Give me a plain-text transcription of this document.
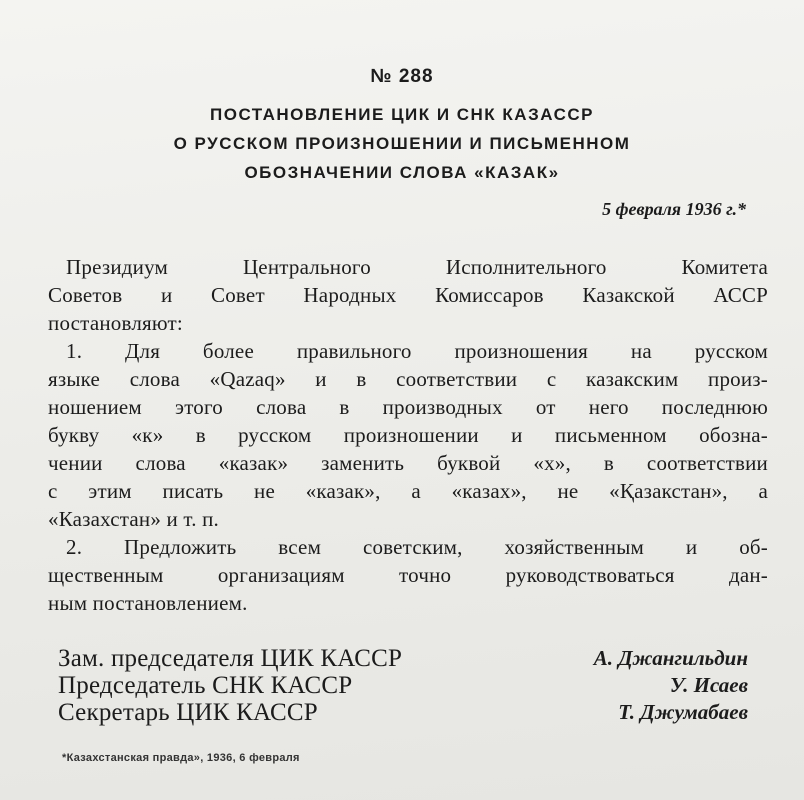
№ 288
ПОСТАНОВЛЕНИЕ ЦИК И СНК КАЗАССР
О РУССКОМ ПРОИЗНОШЕНИИ И ПИСЬМЕННОМ
ОБОЗНАЧЕНИИ СЛОВА «КАЗАК»
5 февраля 1936 г.*
Президиум Центрального Исполнительного Комитета
Советов и Совет Народных Комиссаров Казакской АССР
постановляют:
1. Для более правильного произношения на русском
языке слова «Qazaq» и в соответствии с казакским произ-
ношением этого слова в производных от него последнюю
букву «к» в русском произношении и письменном обозна-
чении слова «казак» заменить буквой «х», в соответствии
с этим писать не «казак», а «казах», не «Қазакстан», а
«Казахстан» и т. п.
2. Предложить всем советским, хозяйственным и об-
щественным организациям точно руководствоваться дан-
ным постановлением.
Зам. председателя ЦИК КАССР	А. Джангильдин
Председатель СНК КАССР	У. Исаев
Секретарь ЦИК КАССР	Т. Джумабаев
*Казахстанская правда», 1936, 6 февраля
